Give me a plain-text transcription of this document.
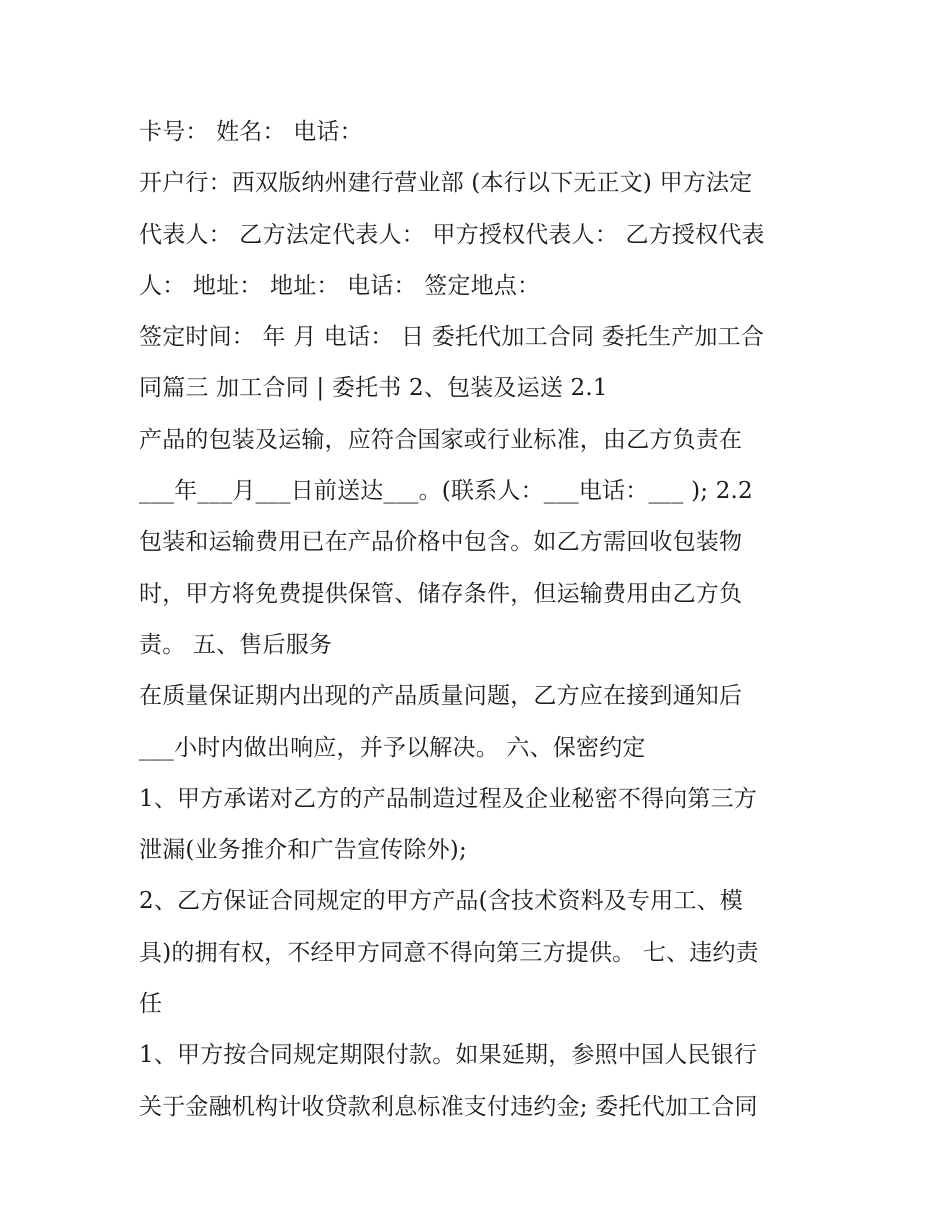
卡号： 姓名： 电话：
开户行：西双版纳州建行营业部 (本行以下无正文) 甲方法定
代表人： 乙方法定代表人： 甲方授权代表人： 乙方授权代表
人： 地址： 地址： 电话： 签定地点：
签定时间： 年 月 电话： 日 委托代加工合同 委托生产加工合
同篇三 加工合同 | 委托书 2、包装及运送 2.1
产品的包装及运输，应符合国家或行业标准，由乙方负责在
___年___月___日前送达___。(联系人：___电话：___ ); 2.2
包装和运输费用已在产品价格中包含。如乙方需回收包装物
时，甲方将免费提供保管、储存条件，但运输费用由乙方负
责。 五、售后服务
在质量保证期内出现的产品质量问题，乙方应在接到通知后
___小时内做出响应，并予以解决。 六、保密约定
1、甲方承诺对乙方的产品制造过程及企业秘密不得向第三方
泄漏(业务推介和广告宣传除外);
2、乙方保证合同规定的甲方产品(含技术资料及专用工、模
具)的拥有权，不经甲方同意不得向第三方提供。 七、违约责
任
1、甲方按合同规定期限付款。如果延期，参照中国人民银行
关于金融机构计收贷款利息标准支付违约金; 委托代加工合同
